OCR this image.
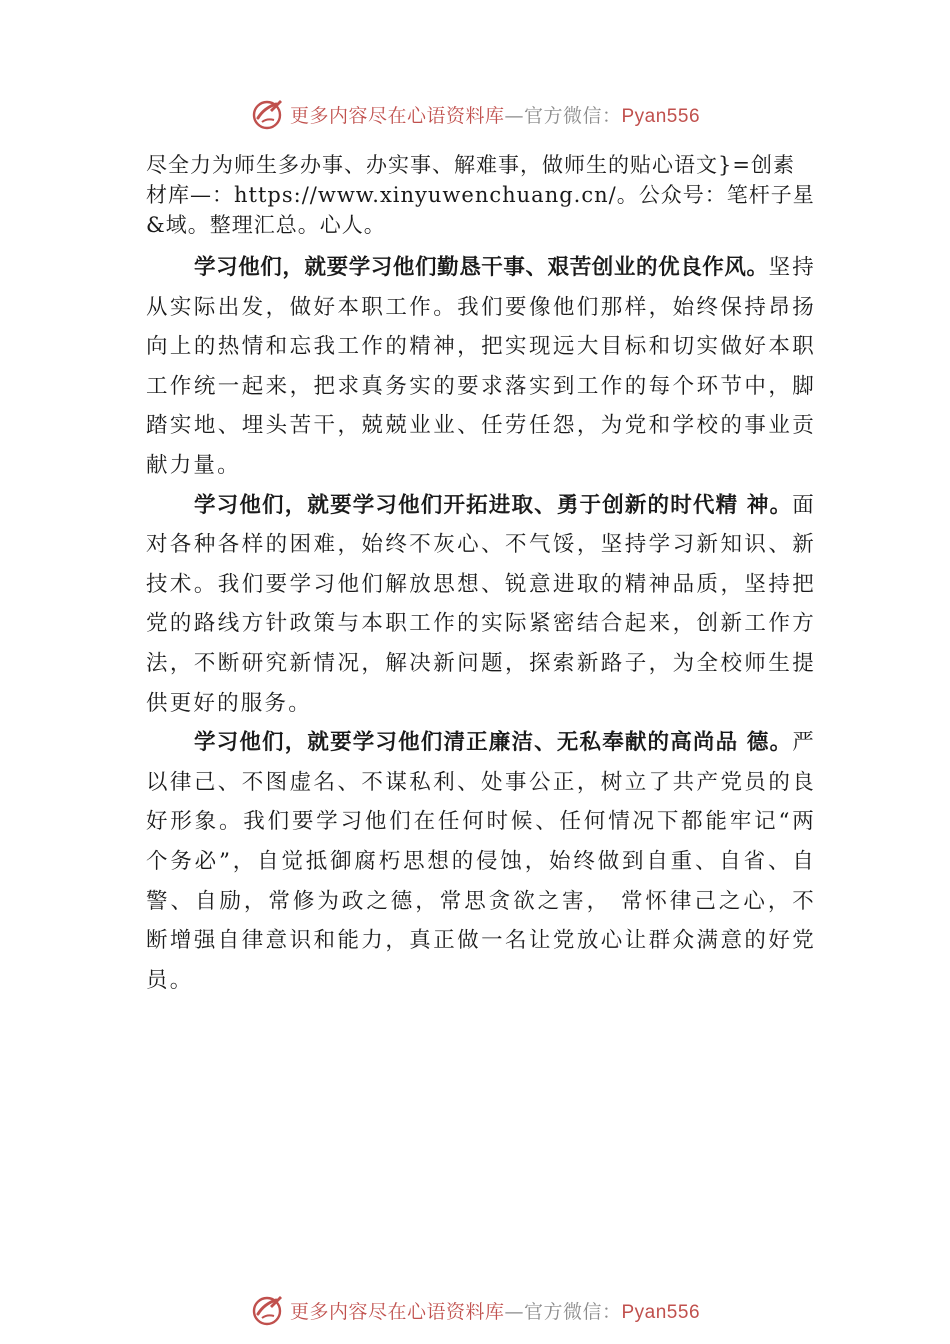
更多内容尽在心语资料库—官方微信：Pyan556

尽全力为师生多办事、办实事、解难事，做师生的贴心语文}=创素材库—：https://www.xinyuwenchuang.cn/。公众号：笔杆子星&域。整理汇总。心人。

学习他们，就要学习他们勤恳干事、艰苦创业的优良作风。坚持从实际出发，做好本职工作。我们要像他们那样，始终保持昂扬向上的热情和忘我工作的精神，把实现远大目标和切实做好本职工作统一起来，把求真务实的要求落实到工作的每个环节中，脚踏实地、埋头苦干，兢兢业业、任劳任怨，为党和学校的事业贡献力量。

学习他们，就要学习他们开拓进取、勇于创新的时代精 神。面对各种各样的困难，始终不灰心、不气馁，坚持学习新知识、新技术。我们要学习他们解放思想、锐意进取的精神品质，坚持把党的路线方针政策与本职工作的实际紧密结合起来，创新工作方法，不断研究新情况，解决新问题，探索新路子，为全校师生提供更好的服务。

学习他们，就要学习他们清正廉洁、无私奉献的高尚品 德。严以律己、不图虚名、不谋私利、处事公正，树立了共产党员的良好形象。我们要学习他们在任何时候、任何情况下都能牢记“两个务必”，自觉抵御腐朽思想的侵蚀，始终做到自重、自省、自警、自励，常修为政之德，常思贪欲之害， 常怀律己之心，不断增强自律意识和能力，真正做一名让党放心让群众满意的好党员。

更多内容尽在心语资料库—官方微信：Pyan556
